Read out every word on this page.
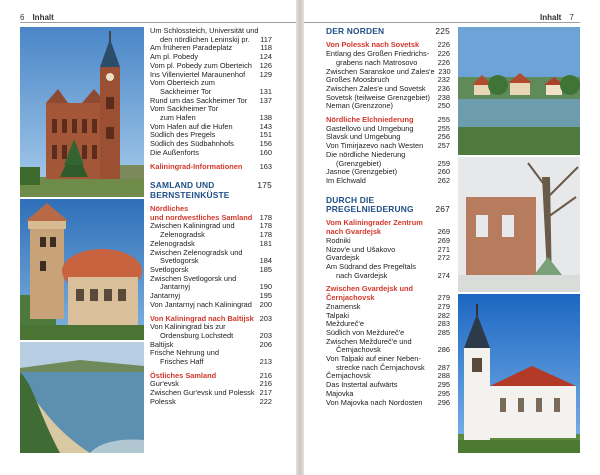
6 Inhalt
Um Schlossteich, Universität und
den nördlichen Leninskij pr.	117
Am früheren Paradeplatz	118
Am pl. Pobedy	124
Vom pl. Pobedy zum Oberteich	126
Ins Villenviertel Maraunenhof	129
Vom Oberteich zum
Sackheimer Tor	131
Rund um das Sackheimer Tor	137
Vom Sackheimer Tor
zum Hafen	138
Vom Hafen auf die Hufen	143
Südlich des Pregels	151
Südlich des Südbahnhofs	156
Die Außenforts	160
Kaliningrad-Informationen	163
SAMLAND UND	175
BERNSTEINKÜSTE
Nördliches
und nordwestliches Samland 178
Zwischen Kaliningrad und	178
Zelenogradsk	178
Zelenogradsk	181
Zwischen Zelenogradsk und
Svetlogorsk	184
Svetlogorsk	185
Zwischen Svetlogorsk und
Jantarnyj	190
Jantarnyj	195
Von Jantarnyj nach Kaliningrad	200
Von Kaliningrad nach Baltijsk 203
Von Kaliningrad bis zur
Ordensburg Lochstedt	203
Baltijsk	206
Frische Nehrung und
Frisches Haff	213
Östliches Samland	216
Gur'evsk	216
Zwischen Gur'evsk und Polessk 217
Polessk	222
Inhalt 7
DER NORDEN	225
Von Polessk nach Sovetsk	226
Entlang des Großen Friedrichs-	226
grabens nach Matrosovo	226
Zwischen Saranskoe und Zales'e 230
Großes Moosbruch	232
Zwischen Zales'e und Sovetsk	236
Sovetsk (teilweise Grenzgebiet)	238
Neman (Grenzzone)	250
Nördliche Elchniederung	255
Gastellovo und Umgebung	255
Slavsk und Umgebung	256
Von Timirjazevo nach Westen	257
Die nördliche Niederung
(Grenzgebiet)	259
Jasnoe (Grenzgebiet)	260
Im Elchwald	262
DURCH DIE
PREGELNIEDERUNG	267
Vom Kaliningrader Zentrum
nach Gvardejsk	269
Rodniki	269
Nizov'e und Ušakovo	271
Gvardejsk	272
Am Südrand des Pregeltals
nach Gvardejsk	274
Zwischen Gvardejsk und
Černjachovsk	279
Znamensk	279
Talpaki	282
Meždureč'e	283
Südlich von Meždureč'e	285
Zwischen Meždureč'e und
Černjachovsk	286
Von Talpaki auf einer Neben-
strecke nach Černjachovsk	287
Černjachovsk	288
Das Instertal aufwärts	295
Majovka	295
Von Majovka nach Nordosten	296
